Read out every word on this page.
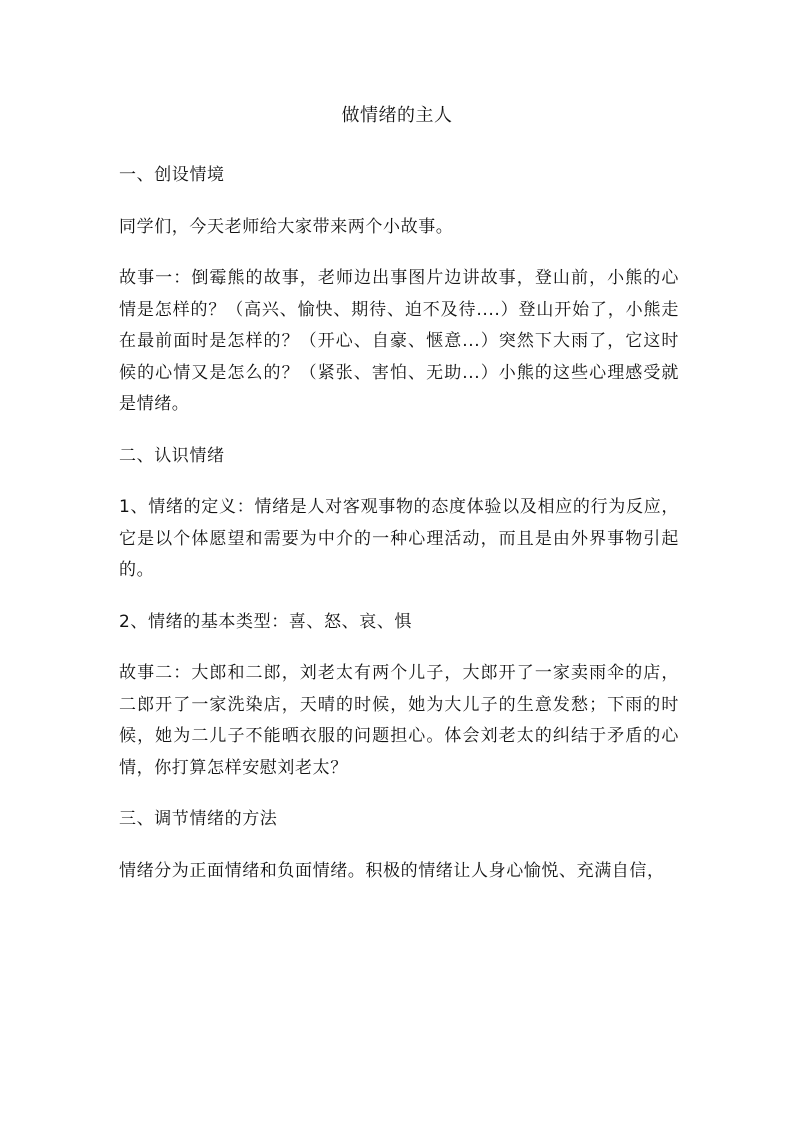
做情绪的主人

一、创设情境

同学们，今天老师给大家带来两个小故事。

故事一：倒霉熊的故事，老师边出事图片边讲故事，登山前，小熊的心情是怎样的？（高兴、愉快、期待、迫不及待....）登山开始了，小熊走在最前面时是怎样的？（开心、自豪、惬意...）突然下大雨了，它这时候的心情又是怎么的？（紧张、害怕、无助...）小熊的这些心理感受就是情绪。

二、认识情绪

1、情绪的定义：情绪是人对客观事物的态度体验以及相应的行为反应，它是以个体愿望和需要为中介的一种心理活动，而且是由外界事物引起的。

2、情绪的基本类型：喜、怒、哀、惧

故事二：大郎和二郎，刘老太有两个儿子，大郎开了一家卖雨伞的店，二郎开了一家洗染店，天晴的时候，她为大儿子的生意发愁；下雨的时候，她为二儿子不能晒衣服的问题担心。体会刘老太的纠结于矛盾的心情，你打算怎样安慰刘老太？

三、调节情绪的方法

情绪分为正面情绪和负面情绪。积极的情绪让人身心愉悦、充满自信，
